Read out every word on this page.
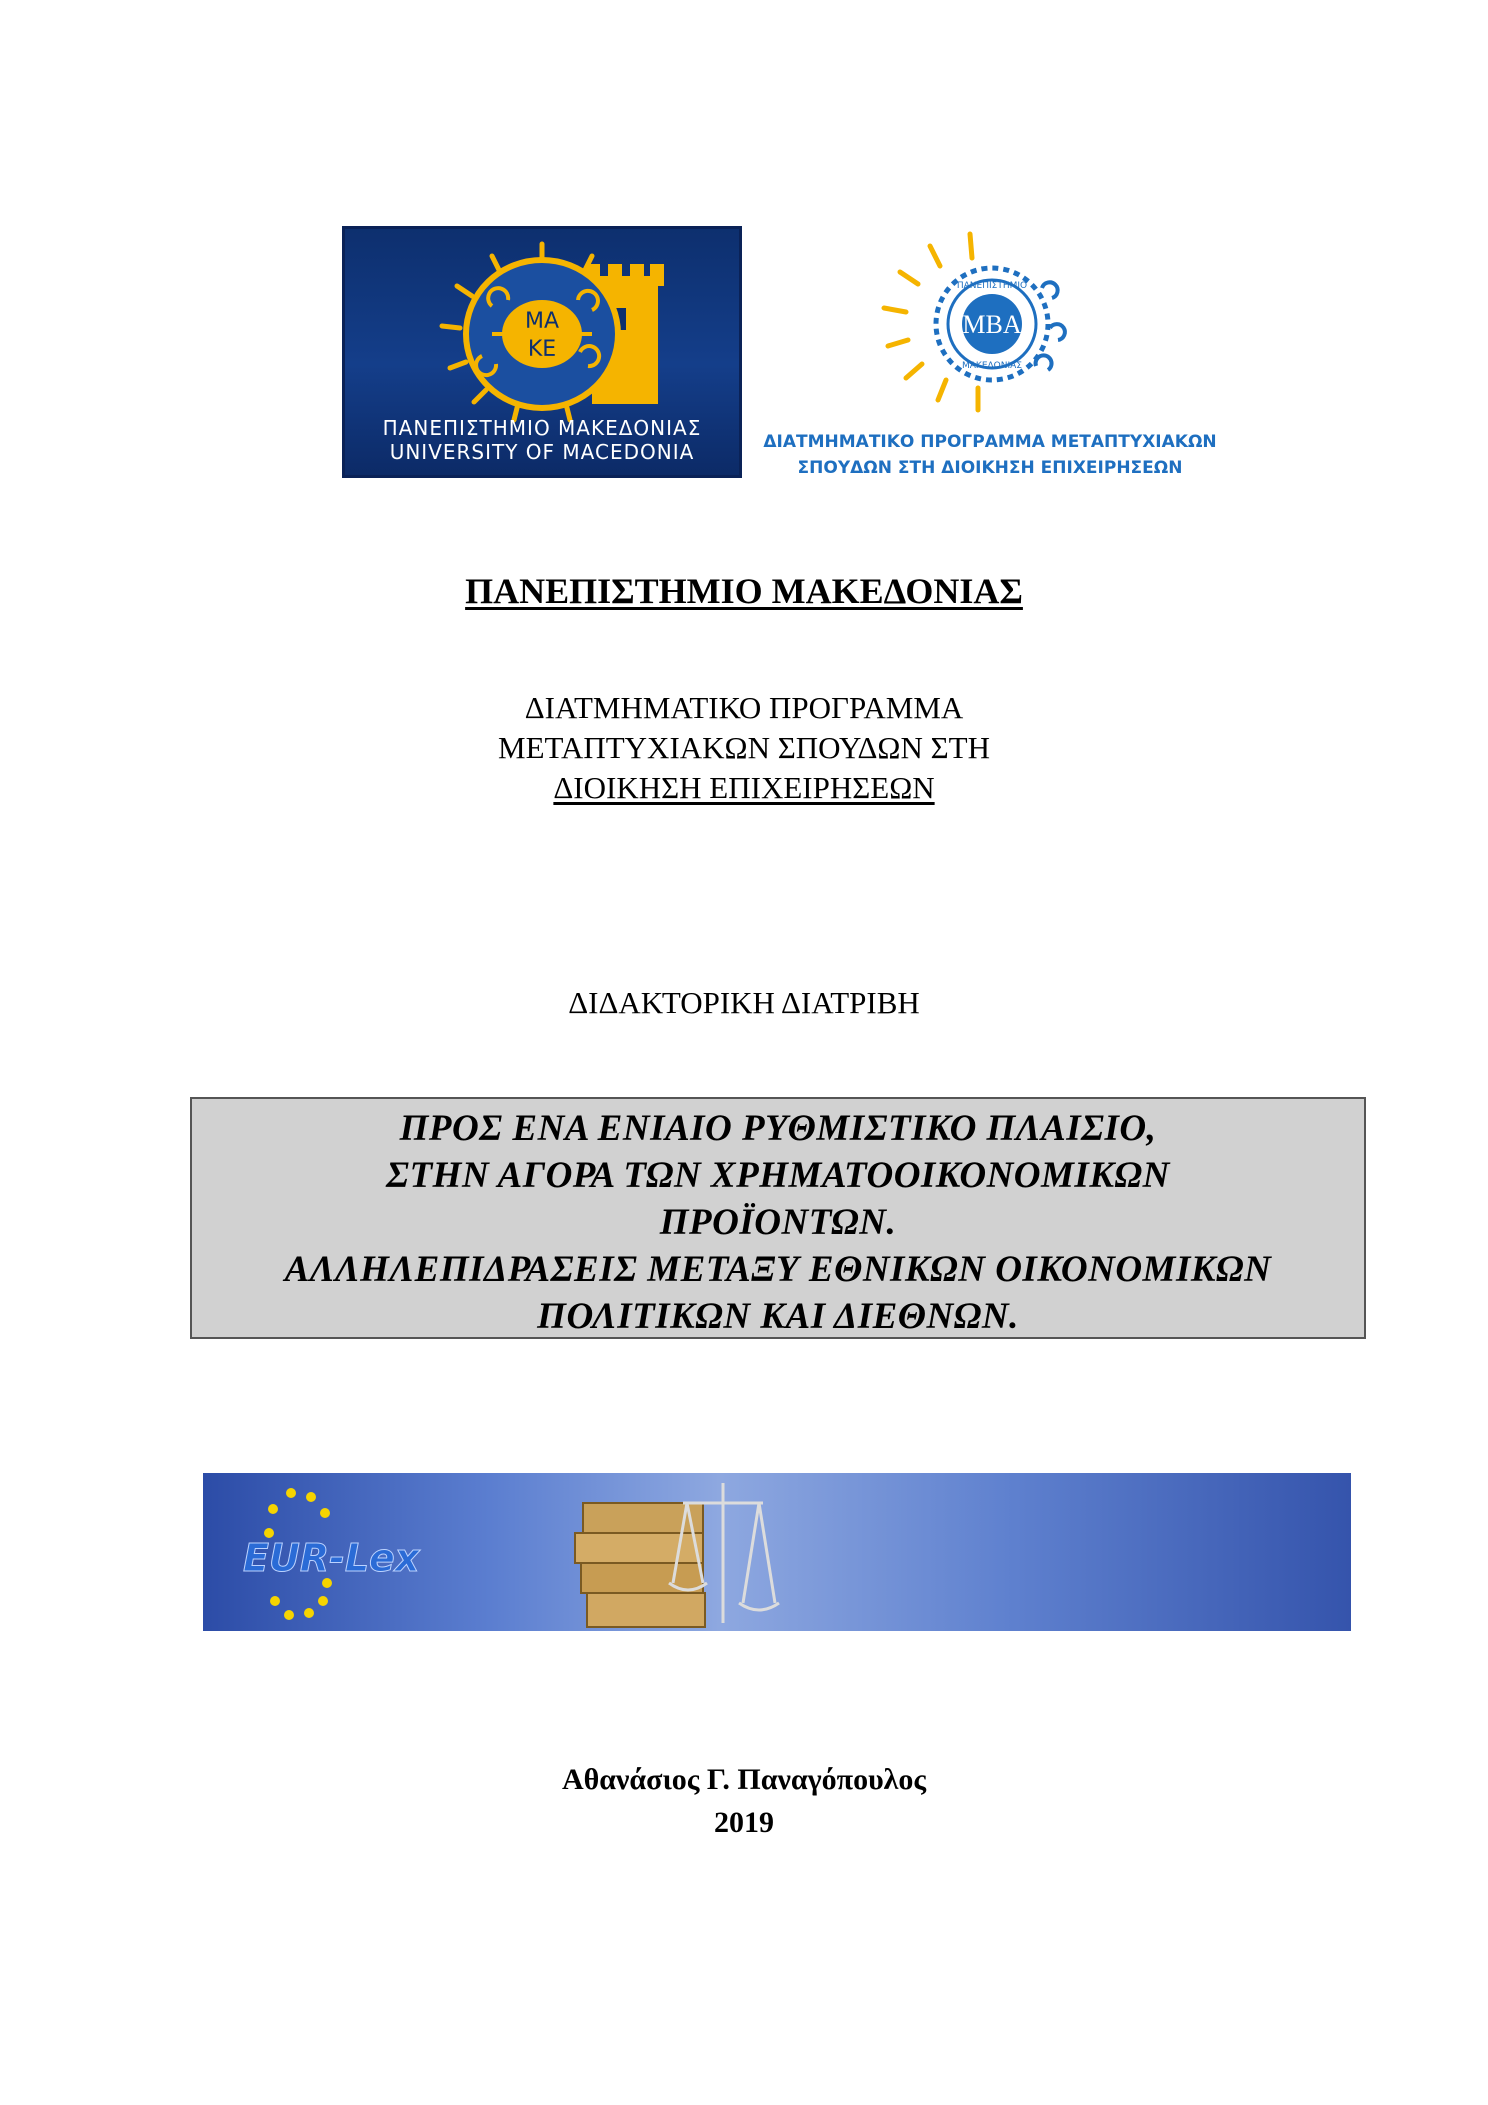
ΜΑ
ΚΕ
ΠΑΝΕΠΙΣΤΗΜΙΟ ΜΑΚΕΔΟΝΙΑΣ
UNIVERSITY OF MACEDONIA
MBA
ΠΑΝΕΠΙΣΤΗΜΙΟ
ΜΑΚΕΔΟΝΙΑΣ
ΔΙΑΤΜΗΜΑΤΙΚΟ ΠΡΟΓΡΑΜΜΑ ΜΕΤΑΠΤΥΧΙΑΚΩΝ
ΣΠΟΥΔΩΝ ΣΤΗ ΔΙΟΙΚΗΣΗ ΕΠΙΧΕΙΡΗΣΕΩΝ
ΠΑΝΕΠΙΣΤΗΜΙΟ ΜΑΚΕΔΟΝΙΑΣ
ΔΙΑΤΜΗΜΑΤΙΚΟ ΠΡΟΓΡΑΜΜΑ
ΜΕΤΑΠΤΥΧΙΑΚΩΝ ΣΠΟΥΔΩΝ ΣΤΗ
ΔΙΟΙΚΗΣΗ ΕΠΙΧΕΙΡΗΣΕΩΝ
ΔΙΔΑΚΤΟΡΙΚΗ ΔΙΑΤΡΙΒΗ
ΠΡΟΣ ΕΝΑ ΕΝΙΑΙΟ ΡΥΘΜΙΣΤΙΚΟ ΠΛΑΙΣΙΟ,
ΣΤΗΝ ΑΓΟΡΑ ΤΩΝ ΧΡΗΜΑΤΟΟΙΚΟΝΟΜΙΚΩΝ
ΠΡΟΪΟΝΤΩΝ.
ΑΛΛΗΛΕΠΙΔΡΑΣΕΙΣ ΜΕΤΑΞΥ ΕΘΝΙΚΩΝ ΟΙΚΟΝΟΜΙΚΩΝ
ΠΟΛΙΤΙΚΩΝ ΚΑΙ ΔΙΕΘΝΩΝ.
EUR-Lex
Αθανάσιος Γ. Παναγόπουλος
2019
